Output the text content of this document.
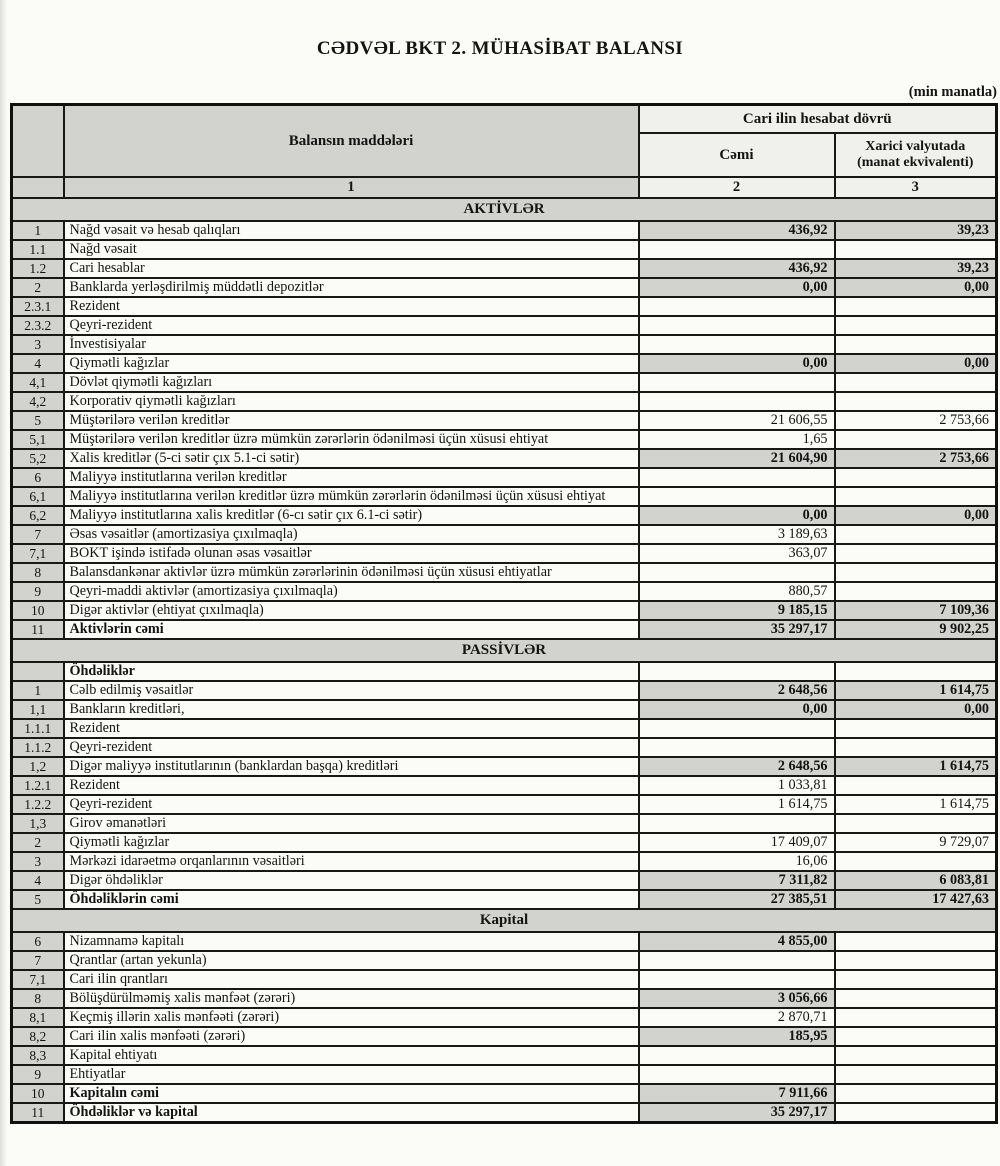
CƏDVƏL BKT 2. MÜHASİBAT BALANSI
(min manatla)
	Balansın maddələri	Cari ilin hesabat dövrü	
		Cəmi	Xarici valyutada
(manat ekvivalenti)

	1	2	3
AKTİVLƏR			
1	Nağd vəsait və hesab qalıqları	436,92	39,23
1.1	Nağd vəsait		
1.2	Cari hesablar	436,92	39,23
2	Banklarda yerləşdirilmiş müddətli depozitlər	0,00	0,00
2.3.1	Rezident		
2.3.2	Qeyri-rezident		
3	İnvestisiyalar		
4	Qiymətli kağızlar	0,00	0,00
4,1	Dövlət qiymətli kağızları		
4,2	Korporativ qiymətli kağızları		
5	Müştərilərə verilən kreditlər	21 606,55	2 753,66
5,1	Müştərilərə verilən kreditlər üzrə mümkün zərərlərin ödənilməsi üçün xüsusi ehtiyat	1,65	
5,2	Xalis kreditlər (5-ci sətir çıx 5.1-ci sətir)	21 604,90	2 753,66
6	Maliyyə institutlarına verilən kreditlər		
6,1	Maliyyə institutlarına verilən kreditlər üzrə mümkün zərərlərin ödənilməsi üçün xüsusi ehtiyat		
6,2	Maliyyə institutlarına xalis kreditlər (6-cı sətir çıx 6.1-ci sətir)	0,00	0,00
7	Əsas vəsaitlər (amortizasiya çıxılmaqla)	3 189,63	
7,1	BOKT işində istifadə olunan əsas vəsaitlər	363,07	
8	Balansdankənar aktivlər üzrə mümkün zərərlərinin ödənilməsi üçün xüsusi ehtiyatlar		
9	Qeyri-maddi aktivlər (amortizasiya çıxılmaqla)	880,57	
10	Digər aktivlər (ehtiyat çıxılmaqla)	9 185,15	7 109,36
11	Aktivlərin cəmi	35 297,17	9 902,25
PASSİVLƏR			
	Öhdəliklər		
1	Cəlb edilmiş vəsaitlər	2 648,56	1 614,75
1,1	Bankların kreditləri,	0,00	0,00
1.1.1	Rezident		
1.1.2	Qeyri-rezident		
1,2	Digər maliyyə institutlarının (banklardan başqa) kreditləri	2 648,56	1 614,75
1.2.1	Rezident	1 033,81	
1.2.2	Qeyri-rezident	1 614,75	1 614,75
1,3	Girov əmanətləri		
2	Qiymətli kağızlar	17 409,07	9 729,07
3	Mərkəzi idarəetmə orqanlarının vəsaitləri	16,06	
4	Digər öhdəliklər	7 311,82	6 083,81
5	Öhdəliklərin cəmi	27 385,51	17 427,63
Kapital			
6	Nizamnamə kapitalı	4 855,00	
7	Qrantlar (artan yekunla)		
7,1	Cari ilin qrantları		
8	Bölüşdürülməmiş xalis mənfəət (zərəri)	3 056,66	
8,1	Keçmiş illərin xalis mənfəəti (zərəri)	2 870,71	
8,2	Cari ilin xalis mənfəəti (zərəri)	185,95	
8,3	Kapital ehtiyatı		
9	Ehtiyatlar		
10	Kapitalın cəmi	7 911,66	
11	Öhdəliklər və kapital	35 297,17	
